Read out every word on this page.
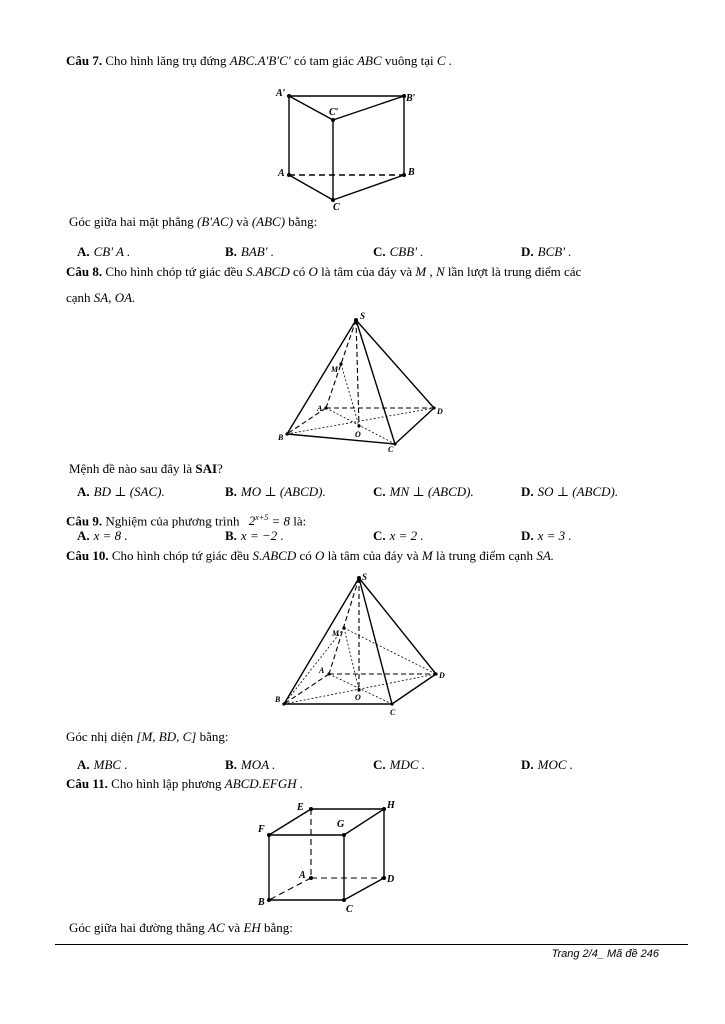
Câu 7. Cho hình lăng trụ đứng ABC.A′B′C′ có tam giác ABC vuông tại C .
A′	B′
C′
A	B
C
Góc giữa hai mặt phẳng (B′AC) và (ABC) bằng:
A. CB' A .	B. BAB' .	C. CBB' .	D. BCB' .
Câu 8. Cho hình chóp tứ giác đều S.ABCD có O là tâm của đáy và M , N lần lượt là trung điểm các
cạnh SA, OA.
S
M
A	D
O
B
C
Mệnh đề nào sau đây là SAI?
A. BD ⊥ (SAC).	B. MO ⊥ (ABCD).	C. MN ⊥ (ABCD).	D. SO ⊥ (ABCD).
Câu 9. Nghiệm của phương trình $2^{x+5} = 8$ là:
A. x = 8 .	B. x = −2 .	C. x = 2 .	D. x = 3 .
Câu 10. Cho hình chóp tứ giác đều S.ABCD có O là tâm của đáy và M là trung điểm cạnh SA.
S
M
A
D
O
B
C
Góc nhị diện [M, BD, C] bằng:
A. MBC .	B. MOA .	C. MDC .	D. MOC .
Câu 11. Cho hình lập phương ABCD.EFGH .
E	H
F	G
A	D
B
C
Góc giữa hai đường thẳng AC và EH bằng:
Trang 2/4_ Mã đề 246
